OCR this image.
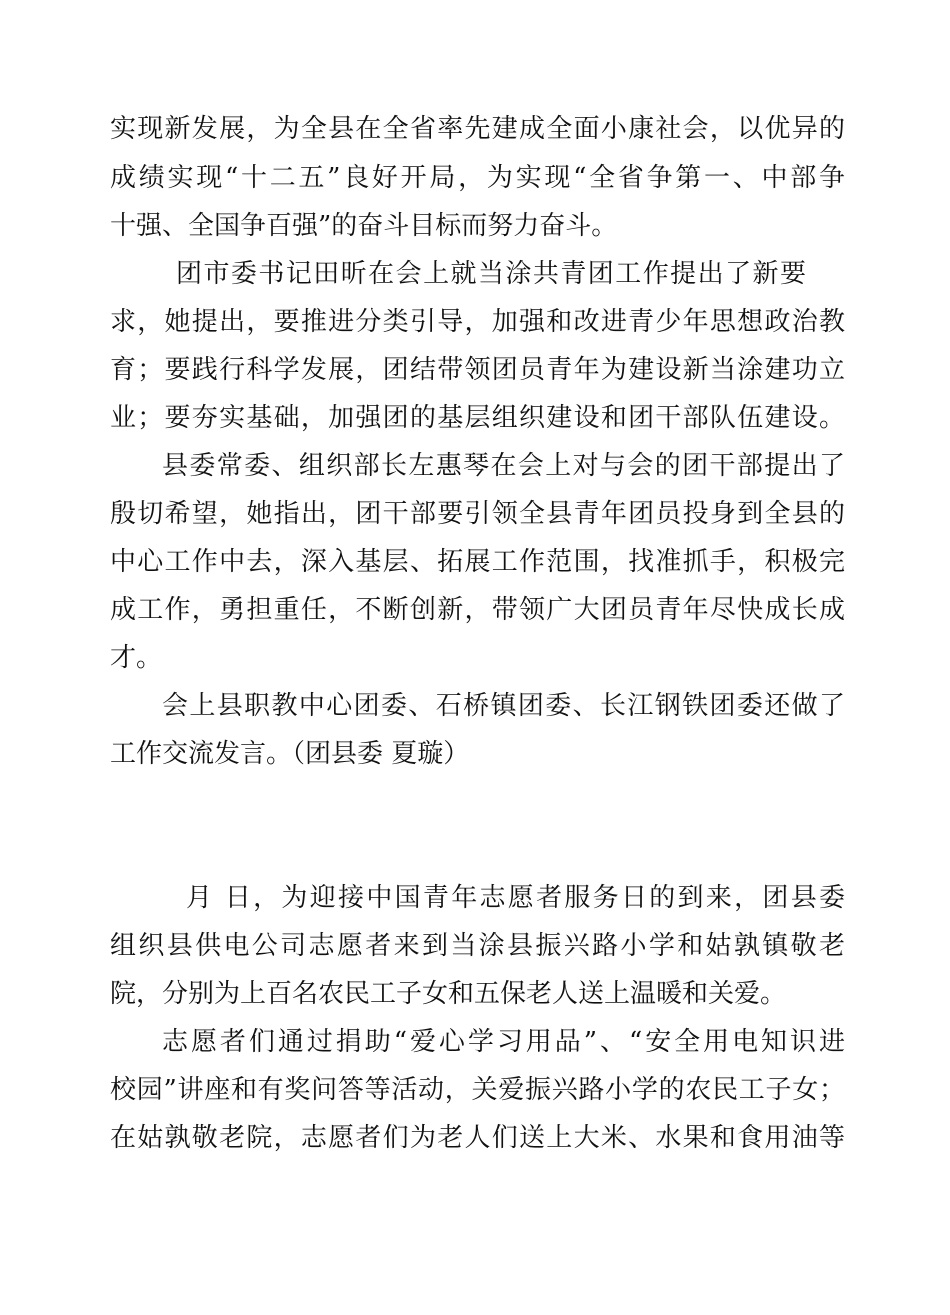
实现新发展，为全县在全省率先建成全面小康社会，以优异的
成绩实现“十二五”良好开局，为实现“全省争第一、中部争
十强、全国争百强”的奋斗目标而努力奋斗。
团市委书记田昕在会上就当涂共青团工作提出了新要
求，她提出，要推进分类引导，加强和改进青少年思想政治教
育；要践行科学发展，团结带领团员青年为建设新当涂建功立
业；要夯实基础，加强团的基层组织建设和团干部队伍建设。
县委常委、组织部长左惠琴在会上对与会的团干部提出了
殷切希望，她指出，团干部要引领全县青年团员投身到全县的
中心工作中去，深入基层、拓展工作范围，找准抓手，积极完
成工作，勇担重任，不断创新，带领广大团员青年尽快成长成
才。
会上县职教中心团委、石桥镇团委、长江钢铁团委还做了
工作交流发言。（团县委 夏璇）

月 日，为迎接中国青年志愿者服务日的到来，团县委
组织县供电公司志愿者来到当涂县振兴路小学和姑孰镇敬老
院，分别为上百名农民工子女和五保老人送上温暖和关爱。
志愿者们通过捐助“爱心学习用品”、“安全用电知识进
校园”讲座和有奖问答等活动，关爱振兴路小学的农民工子女；
在姑孰敬老院，志愿者们为老人们送上大米、水果和食用油等
